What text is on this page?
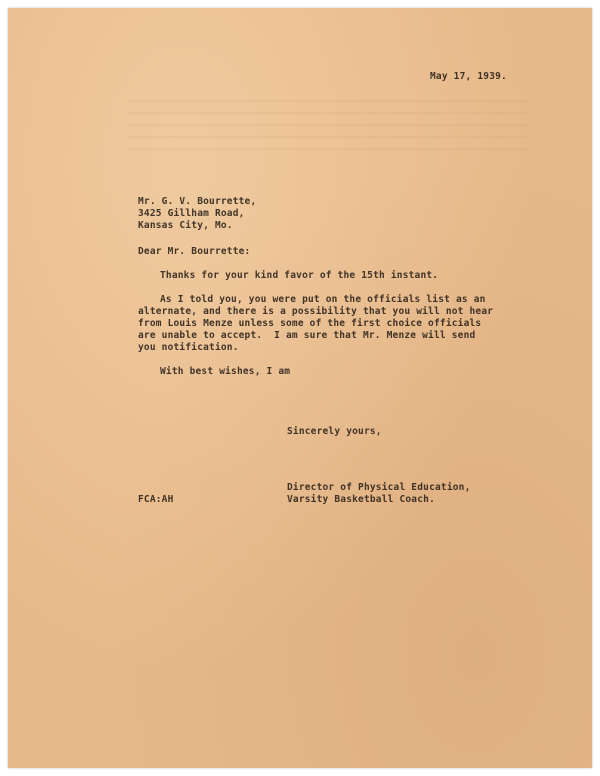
May 17, 1939.
Mr. G. V. Bourrette,
3425 Gillham Road,
Kansas City, Mo.
Dear Mr. Bourrette:
Thanks for your kind favor of the 15th instant.
As I told you, you were put on the officials list as an
alternate, and there is a possibility that you will not hear
from Louis Menze unless some of the first choice officials
are unable to accept.  I am sure that Mr. Menze will send
you notification.
With best wishes, I am
Sincerely yours,
Director of Physical Education,
Varsity Basketball Coach.
FCA:AH
